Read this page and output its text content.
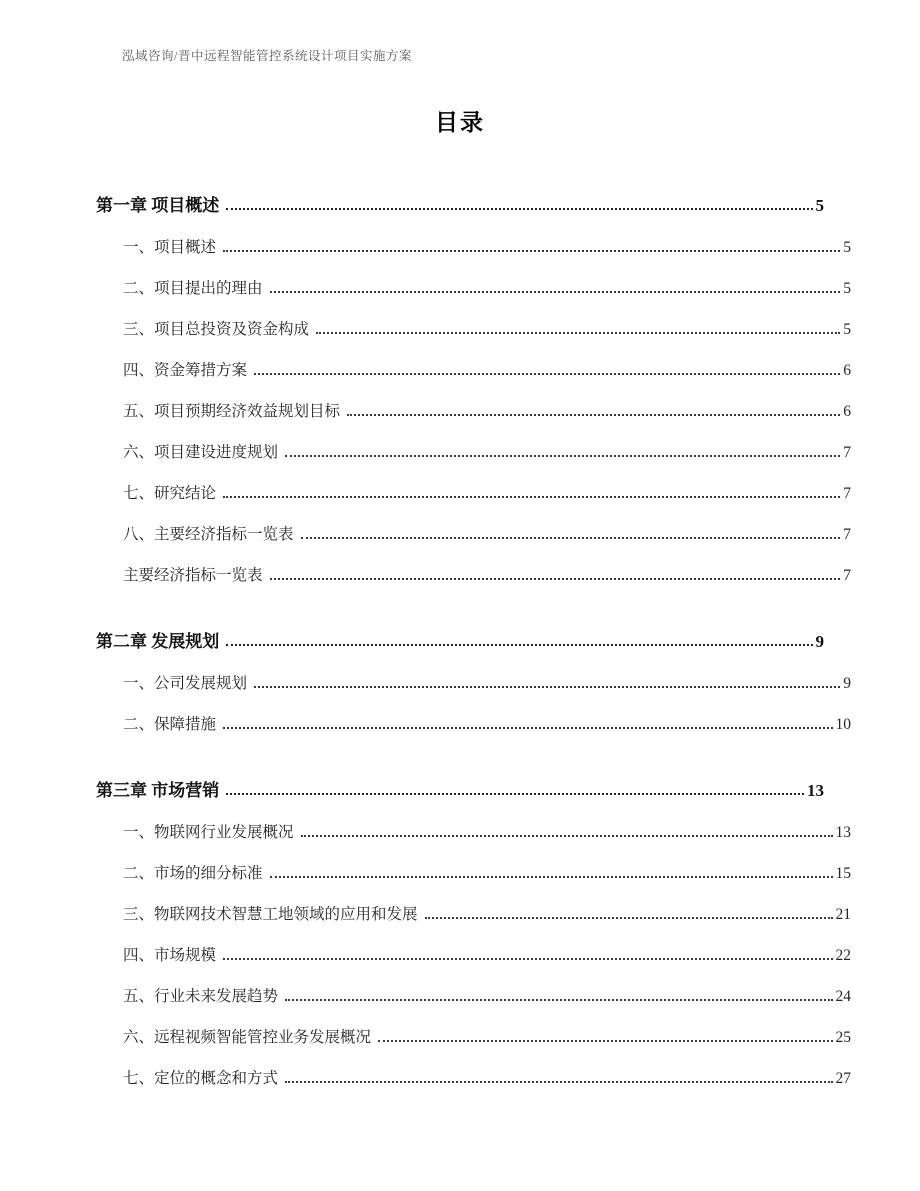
泓域咨询/晋中远程智能管控系统设计项目实施方案
目录
第一章 项目概述	5
一、项目概述	5
二、项目提出的理由	5
三、项目总投资及资金构成	5
四、资金筹措方案	6
五、项目预期经济效益规划目标	6
六、项目建设进度规划	7
七、研究结论	7
八、主要经济指标一览表	7
主要经济指标一览表	7
第二章 发展规划	9
一、公司发展规划	9
二、保障措施	10
第三章 市场营销	13
一、物联网行业发展概况	13
二、市场的细分标准	15
三、物联网技术智慧工地领域的应用和发展	21
四、市场规模	22
五、行业未来发展趋势	24
六、远程视频智能管控业务发展概况	25
七、定位的概念和方式	27
